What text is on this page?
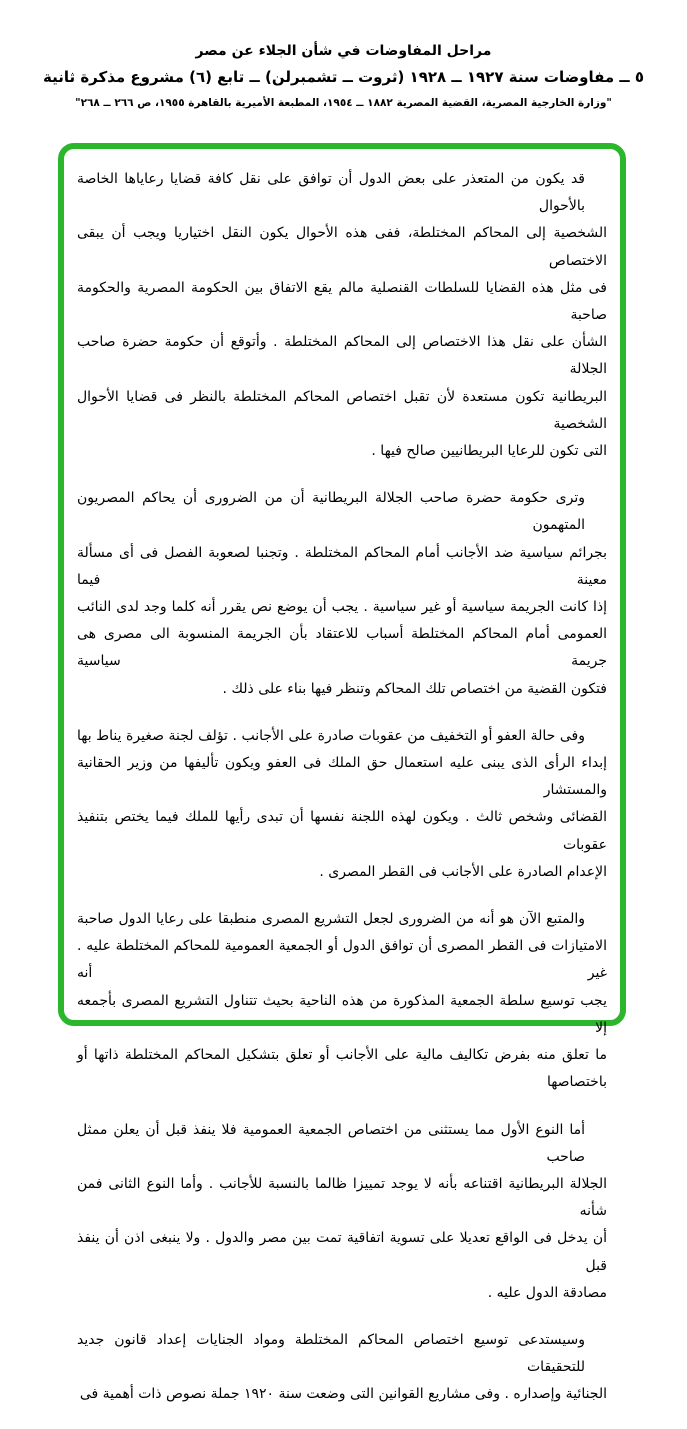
مراحل المفاوضات في شأن الجلاء عن مصر
٥ ــ مفاوضات سنة ١٩٢٧ ــ ١٩٢٨ (ثروت ــ تشمبرلن) ــ تابع (٦) مشروع مذكرة ثانية
"وزارة الخارجية المصرية، القضية المصرية ١٨٨٢ ــ ١٩٥٤، المطبعة الأميرية بالقاهرة ١٩٥٥، ص ٢٦٦ ــ ٢٦٨"
قد يكون من المتعذر على بعض الدول أن توافق على نقل كافة قضايا رعاياها الخاصة بالأحوال
الشخصية إلى المحاكم المختلطة، ففى هذه الأحوال يكون النقل اختياريا ويجب أن يبقى الاختصاص
فى مثل هذه القضايا للسلطات القنصلية مالم يقع الاتفاق بين الحكومة المصرية والحكومة صاحبة
الشأن على نقل هذا الاختصاص إلى المحاكم المختلطة . وأتوقع أن حكومة حضرة صاحب الجلالة
البريطانية تكون مستعدة لأن تقبل اختصاص المحاكم المختلطة بالنظر فى قضايا الأحوال الشخصية
التى تكون للرعايا البريطانيين صالح فيها .
وترى حكومة حضرة صاحب الجلالة البريطانية أن من الضرورى أن يحاكم المصريون المتهمون
بجرائم سياسية ضد الأجانب أمام المحاكم المختلطة . وتجنبا لصعوبة الفصل فى أى مسألة معينة فيما
إذا كانت الجريمة سياسية أو غير سياسية . يجب أن يوضع نص يقرر أنه كلما وجد لدى النائب
العمومى أمام المحاكم المختلطة أسباب للاعتقاد بأن الجريمة المنسوبة الى مصرى هى جريمة سياسية
فتكون القضية من اختصاص تلك المحاكم وتنظر فيها بناء على ذلك .
وفى حالة العفو أو التخفيف من عقوبات صادرة على الأجانب . تؤلف لجنة صغيرة يناط بها
إبداء الرأى الذى يبنى عليه استعمال حق الملك فى العفو ويكون تأليفها من وزير الحقانية والمستشار
القضائى وشخص ثالث . ويكون لهذه اللجنة نفسها أن تبدى رأيها للملك فيما يختص بتنفيذ عقوبات
الإعدام الصادرة على الأجانب فى القطر المصرى .
والمتبع الآن هو أنه من الضرورى لجعل التشريع المصرى منطبقا على رعايا الدول صاحبة
الامتيازات فى القطر المصرى أن توافق الدول أو الجمعية العمومية للمحاكم المختلطة عليه . غير أنه
يجب توسيع سلطة الجمعية المذكورة من هذه الناحية بحيث تتناول التشريع المصرى بأجمعه إلا
ما تعلق منه بفرض تكاليف مالية على الأجانب أو تعلق بتشكيل المحاكم المختلطة ذاتها أو باختصاصها
أما النوع الأول مما يستثنى من اختصاص الجمعية العمومية فلا ينفذ قبل أن يعلن ممثل صاحب
الجلالة البريطانية اقتناعه بأنه لا يوجد تمييزا ظالما بالنسبة للأجانب . وأما النوع الثانى فمن شأنه
أن يدخل فى الواقع تعديلا على تسوية اتفاقية تمت بين مصر والدول . ولا ينبغى اذن أن ينفذ قبل
مصادقة الدول عليه .
وسيستدعى توسيع اختصاص المحاكم المختلطة ومواد الجنايات إعداد قانون جديد للتحقيقات
الجنائية وإصداره . وفى مشاريع القوانين التى وضعت سنة ١٩٢٠ جملة نصوص ذات أهمية فى
